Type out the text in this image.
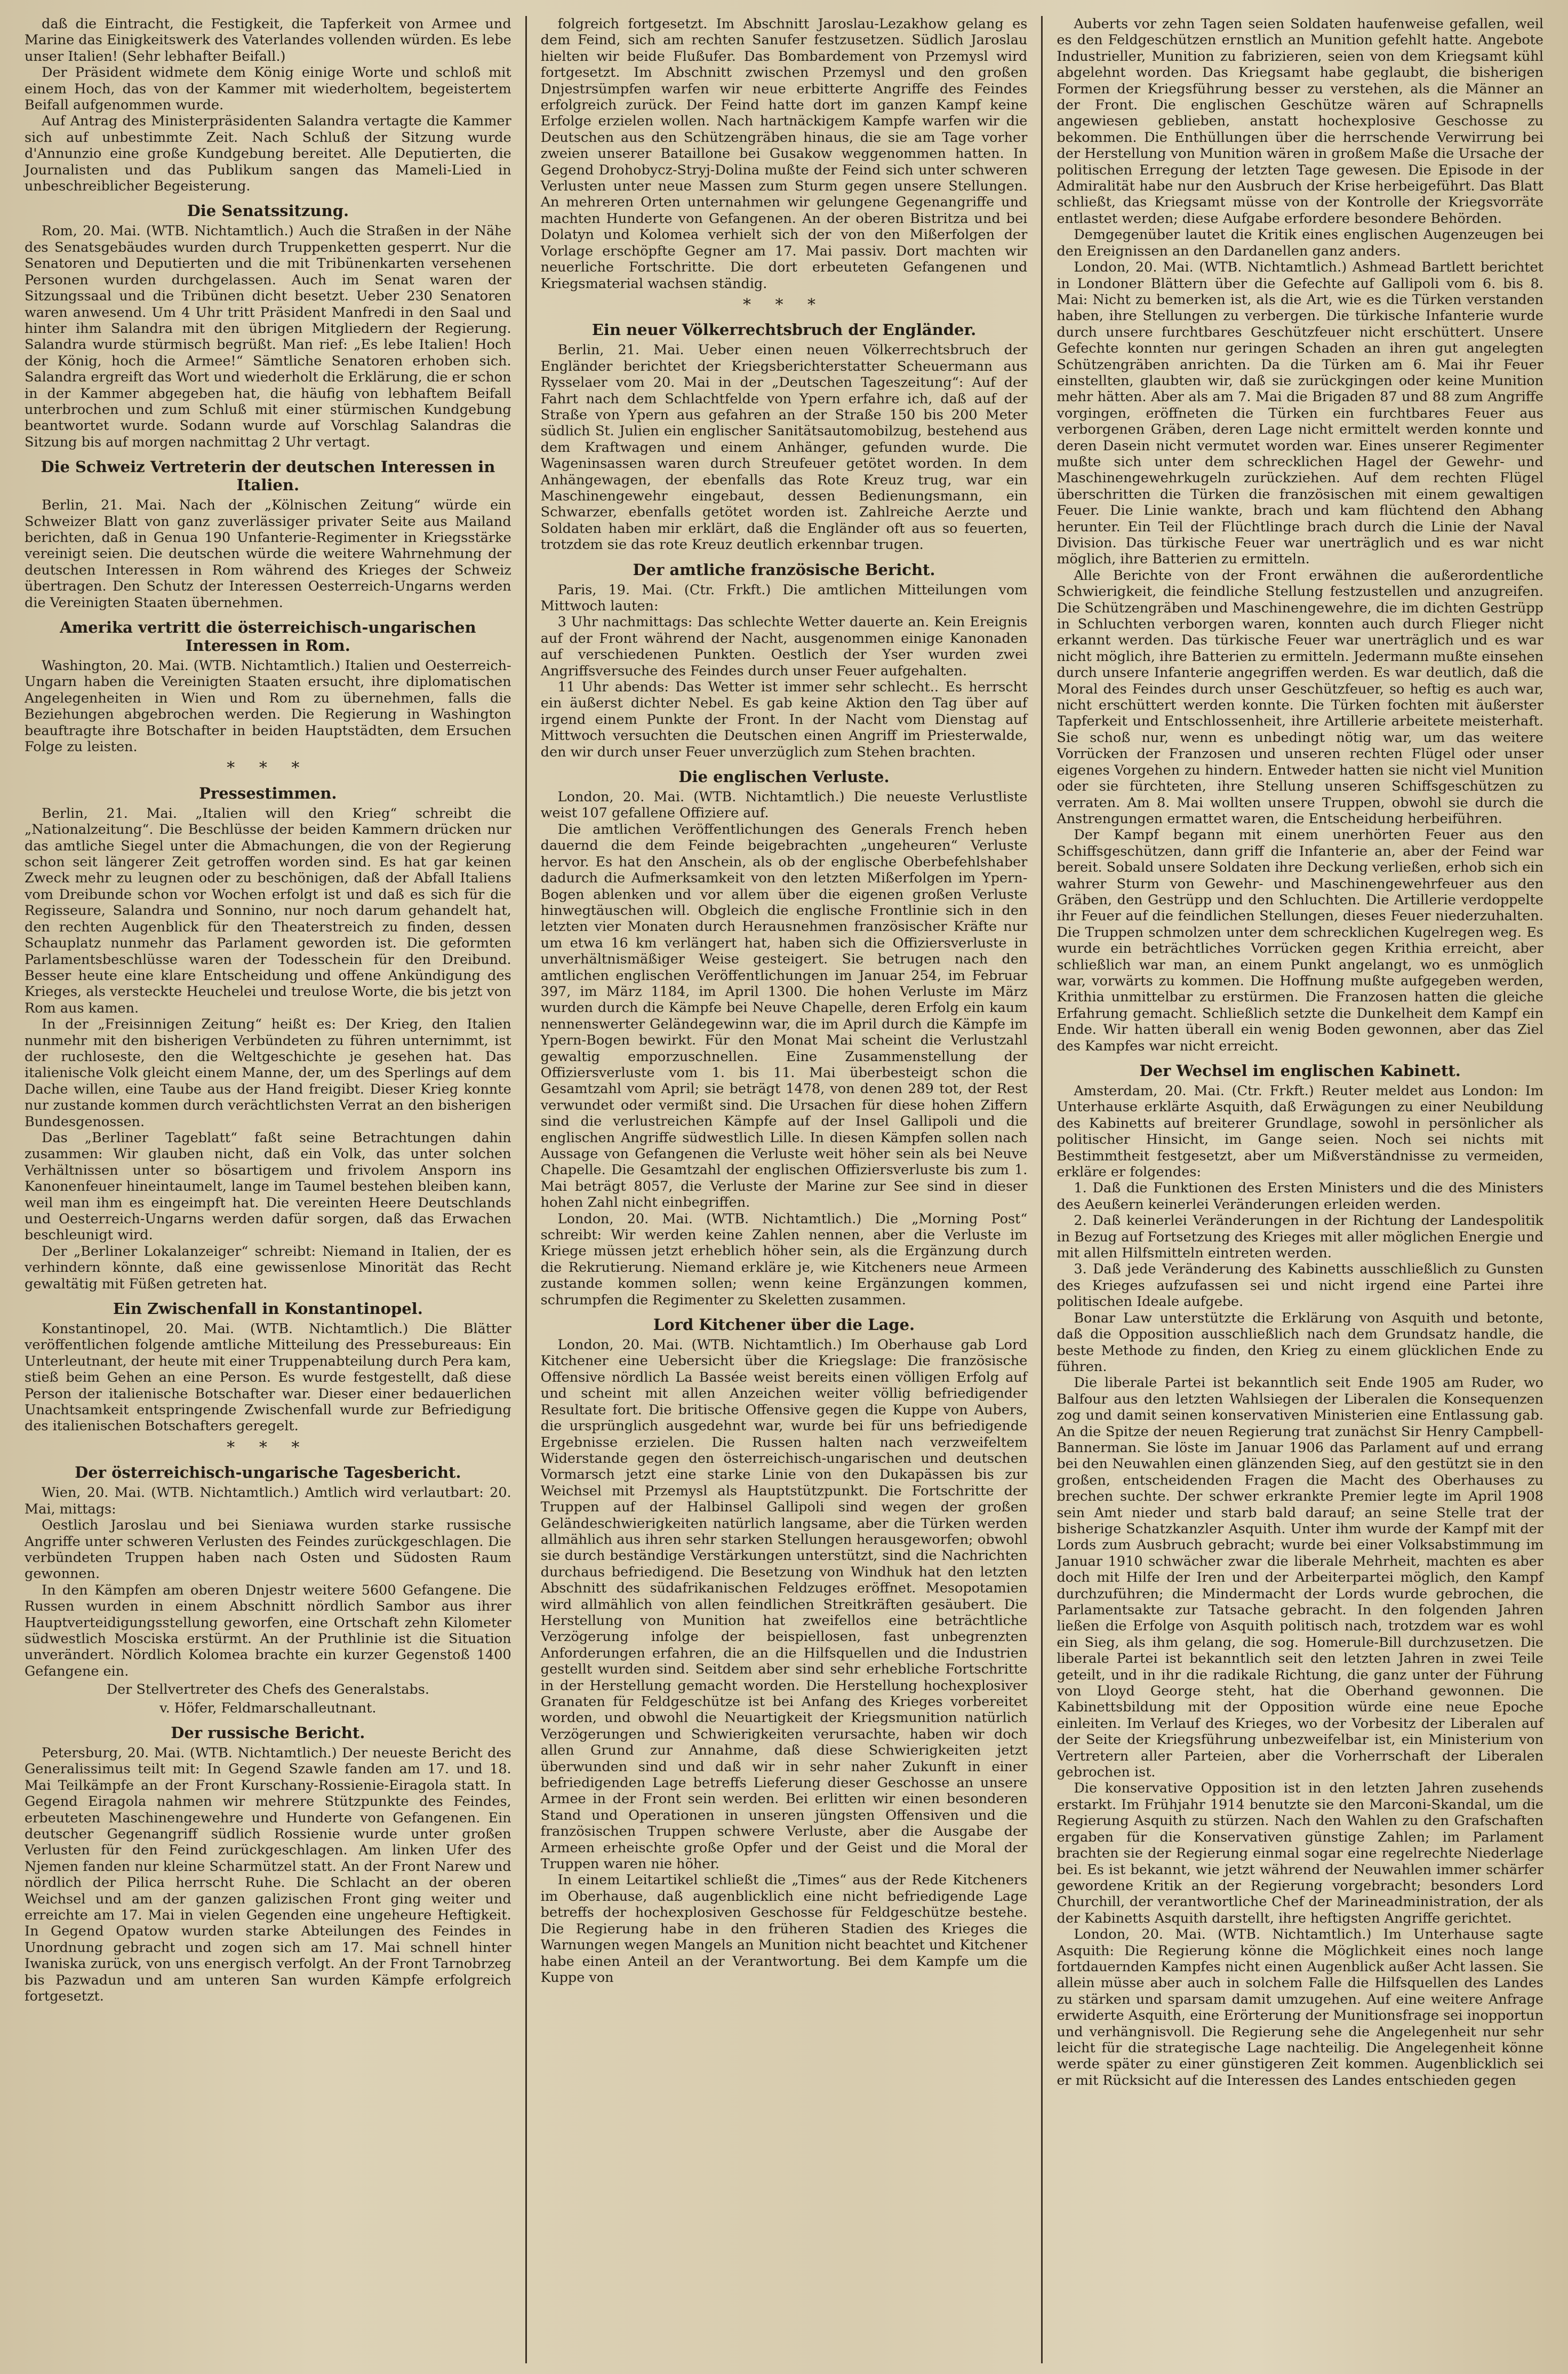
daß die Eintracht, die Festigkeit, die Tapferkeit von Armee und Marine das Einigkeitswerk des Vaterlandes vollenden würden. Es lebe unser Italien! (Sehr lebhafter Beifall.)

Der Präsident widmete dem König einige Worte und schloß mit einem Hoch, das von der Kammer mit wiederholtem, begeistertem Beifall aufgenommen wurde.

Auf Antrag des Ministerpräsidenten Salandra vertagte die Kammer sich auf unbestimmte Zeit. Nach Schluß der Sitzung wurde d'Annunzio eine große Kundgebung bereitet. Alle Deputierten, die Journalisten und das Publikum sangen das Mameli-Lied in unbeschreiblicher Begeisterung.

Die Senatssitzung.

Rom, 20. Mai. (WTB. Nichtamtlich.) Auch die Straßen in der Nähe des Senatsgebäudes wurden durch Truppenketten gesperrt. Nur die Senatoren und Deputierten und die mit Tribünenkarten versehenen Personen wurden durchgelassen. Auch im Senat waren der Sitzungssaal und die Tribünen dicht besetzt. Ueber 230 Senatoren waren anwesend. Um 4 Uhr tritt Präsident Manfredi in den Saal und hinter ihm Salandra mit den übrigen Mitgliedern der Regierung. Salandra wurde stürmisch begrüßt. Man rief: „Es lebe Italien! Hoch der König, hoch die Armee!“ Sämtliche Senatoren erhoben sich. Salandra ergreift das Wort und wiederholt die Erklärung, die er schon in der Kammer abgegeben hat, die häufig von lebhaftem Beifall unterbrochen und zum Schluß mit einer stürmischen Kundgebung beantwortet wurde. Sodann wurde auf Vorschlag Salandras die Sitzung bis auf morgen nachmittag 2 Uhr vertagt.

Die Schweiz Vertreterin der deutschen Interessen in Italien.

Berlin, 21. Mai. Nach der „Kölnischen Zeitung“ würde ein Schweizer Blatt von ganz zuverlässiger privater Seite aus Mailand berichten, daß in Genua 190 Unfanterie-Regimenter in Kriegsstärke vereinigt seien. Die deutschen würde die weitere Wahrnehmung der deutschen Interessen in Rom während des Krieges der Schweiz übertragen. Den Schutz der Interessen Oesterreich-Ungarns werden die Vereinigten Staaten übernehmen.

Amerika vertritt die österreichisch-ungarischen Interessen in Rom.

Washington, 20. Mai. (WTB. Nichtamtlich.) Italien und Oesterreich-Ungarn haben die Vereinigten Staaten ersucht, ihre diplomatischen Angelegenheiten in Wien und Rom zu übernehmen, falls die Beziehungen abgebrochen werden. Die Regierung in Washington beauftragte ihre Botschafter in beiden Hauptstädten, dem Ersuchen Folge zu leisten.

* * *
Pressestimmen.

Berlin, 21. Mai. „Italien will den Krieg“ schreibt die „Nationalzeitung“. Die Beschlüsse der beiden Kammern drücken nur das amtliche Siegel unter die Abmachungen, die von der Regierung schon seit längerer Zeit getroffen worden sind. Es hat gar keinen Zweck mehr zu leugnen oder zu beschönigen, daß der Abfall Italiens vom Dreibunde schon vor Wochen erfolgt ist und daß es sich für die Regisseure, Salandra und Sonnino, nur noch darum gehandelt hat, den rechten Augenblick für den Theaterstreich zu finden, dessen Schauplatz nunmehr das Parlament geworden ist. Die geformten Parlamentsbeschlüsse waren der Todesschein für den Dreibund. Besser heute eine klare Entscheidung und offene Ankündigung des Krieges, als versteckte Heuchelei und treulose Worte, die bis jetzt von Rom aus kamen.

In der „Freisinnigen Zeitung“ heißt es: Der Krieg, den Italien nunmehr mit den bisherigen Verbündeten zu führen unternimmt, ist der ruchloseste, den die Weltgeschichte je gesehen hat. Das italienische Volk gleicht einem Manne, der, um des Sperlings auf dem Dache willen, eine Taube aus der Hand freigibt. Dieser Krieg konnte nur zustande kommen durch verächtlichsten Verrat an den bisherigen Bundesgenossen.

Das „Berliner Tageblatt“ faßt seine Betrachtungen dahin zusammen: Wir glauben nicht, daß ein Volk, das unter solchen Verhältnissen unter so bösartigem und frivolem Ansporn ins Kanonenfeuer hineintaumelt, lange im Taumel bestehen bleiben kann, weil man ihm es eingeimpft hat. Die vereinten Heere Deutschlands und Oesterreich-Ungarns werden dafür sorgen, daß das Erwachen beschleunigt wird.

Der „Berliner Lokalanzeiger“ schreibt: Niemand in Italien, der es verhindern könnte, daß eine gewissenlose Minorität das Recht gewaltätig mit Füßen getreten hat.

Ein Zwischenfall in Konstantinopel.

Konstantinopel, 20. Mai. (WTB. Nichtamtlich.) Die Blätter veröffentlichen folgende amtliche Mitteilung des Pressebureaus: Ein Unterleutnant, der heute mit einer Truppenabteilung durch Pera kam, stieß beim Gehen an eine Person. Es wurde festgestellt, daß diese Person der italienische Botschafter war. Dieser einer bedauerlichen Unachtsamkeit entspringende Zwischenfall wurde zur Befriedigung des italienischen Botschafters geregelt.

* * *
Der österreichisch-ungarische Tagesbericht.

Wien, 20. Mai. (WTB. Nichtamtlich.) Amtlich wird verlautbart: 20. Mai, mittags:

Oestlich Jaroslau und bei Sieniawa wurden starke russische Angriffe unter schweren Verlusten des Feindes zurückgeschlagen. Die verbündeten Truppen haben nach Osten und Südosten Raum gewonnen.

In den Kämpfen am oberen Dnjestr weitere 5600 Gefangene. Die Russen wurden in einem Abschnitt nördlich Sambor aus ihrer Hauptverteidigungsstellung geworfen, eine Ortschaft zehn Kilometer südwestlich Mosciska erstürmt. An der Pruthlinie ist die Situation unverändert. Nördlich Kolomea brachte ein kurzer Gegenstoß 1400 Gefangene ein.

Der Stellvertreter des Chefs des Generalstabs.
v. Höfer, Feldmarschalleutnant.
Der russische Bericht.

Petersburg, 20. Mai. (WTB. Nichtamtlich.) Der neueste Bericht des Generalissimus teilt mit: In Gegend Szawle fanden am 17. und 18. Mai Teilkämpfe an der Front Kurschany-Rossienie-Eiragola statt. In Gegend Eiragola nahmen wir mehrere Stützpunkte des Feindes, erbeuteten Maschinengewehre und Hunderte von Gefangenen. Ein deutscher Gegenangriff südlich Rossienie wurde unter großen Verlusten für den Feind zurückgeschlagen. Am linken Ufer des Njemen fanden nur kleine Scharmützel statt. An der Front Narew und nördlich der Pilica herrscht Ruhe. Die Schlacht an der oberen Weichsel und am der ganzen galizischen Front ging weiter und erreichte am 17. Mai in vielen Gegenden eine ungeheure Heftigkeit. In Gegend Opatow wurden starke Abteilungen des Feindes in Unordnung gebracht und zogen sich am 17. Mai schnell hinter Iwaniska zurück, von uns energisch verfolgt. An der Front Tarnobrzeg bis Pazwadun und am unteren San wurden Kämpfe erfolgreich fortgesetzt.

folgreich fortgesetzt. Im Abschnitt Jaroslau-Lezakhow gelang es dem Feind, sich am rechten Sanufer festzusetzen. Südlich Jaroslau hielten wir beide Flußufer. Das Bombardement von Przemysl wird fortgesetzt. Im Abschnitt zwischen Przemysl und den großen Dnjestrsümpfen warfen wir neue erbitterte Angriffe des Feindes erfolgreich zurück. Der Feind hatte dort im ganzen Kampf keine Erfolge erzielen wollen. Nach hartnäckigem Kampfe warfen wir die Deutschen aus den Schützengräben hinaus, die sie am Tage vorher zweien unserer Bataillone bei Gusakow weggenommen hatten. In Gegend Drohobycz-Stryj-Dolina mußte der Feind sich unter schweren Verlusten unter neue Massen zum Sturm gegen unsere Stellungen. An mehreren Orten unternahmen wir gelungene Gegenangriffe und machten Hunderte von Gefangenen. An der oberen Bistritza und bei Dolatyn und Kolomea verhielt sich der von den Mißerfolgen der Vorlage erschöpfte Gegner am 17. Mai passiv. Dort machten wir neuerliche Fortschritte. Die dort erbeuteten Gefangenen und Kriegsmaterial wachsen ständig.

* * *
Ein neuer Völkerrechtsbruch der Engländer.

Berlin, 21. Mai. Ueber einen neuen Völkerrechtsbruch der Engländer berichtet der Kriegsberichterstatter Scheuermann aus Rysselaer vom 20. Mai in der „Deutschen Tageszeitung“: Auf der Fahrt nach dem Schlachtfelde von Ypern erfahre ich, daß auf der Straße von Ypern aus gefahren an der Straße 150 bis 200 Meter südlich St. Julien ein englischer Sanitätsautomobilzug, bestehend aus dem Kraftwagen und einem Anhänger, gefunden wurde. Die Wageninsassen waren durch Streufeuer getötet worden. In dem Anhängewagen, der ebenfalls das Rote Kreuz trug, war ein Maschinengewehr eingebaut, dessen Bedienungsmann, ein Schwarzer, ebenfalls getötet worden ist. Zahlreiche Aerzte und Soldaten haben mir erklärt, daß die Engländer oft aus so feuerten, trotzdem sie das rote Kreuz deutlich erkennbar trugen.

Der amtliche französische Bericht.

Paris, 19. Mai. (Ctr. Frkft.) Die amtlichen Mitteilungen vom Mittwoch lauten:

3 Uhr nachmittags: Das schlechte Wetter dauerte an. Kein Ereignis auf der Front während der Nacht, ausgenommen einige Kanonaden auf verschiedenen Punkten. Oestlich der Yser wurden zwei Angriffsversuche des Feindes durch unser Feuer aufgehalten.

11 Uhr abends: Das Wetter ist immer sehr schlecht.. Es herrscht ein äußerst dichter Nebel. Es gab keine Aktion den Tag über auf irgend einem Punkte der Front. In der Nacht vom Dienstag auf Mittwoch versuchten die Deutschen einen Angriff im Priesterwalde, den wir durch unser Feuer unverzüglich zum Stehen brachten.

Die englischen Verluste.

London, 20. Mai. (WTB. Nichtamtlich.) Die neueste Verlustliste weist 107 gefallene Offiziere auf.

Die amtlichen Veröffentlichungen des Generals French heben dauernd die dem Feinde beigebrachten „ungeheuren“ Verluste hervor. Es hat den Anschein, als ob der englische Oberbefehlshaber dadurch die Aufmerksamkeit von den letzten Mißerfolgen im Ypern-Bogen ablenken und vor allem über die eigenen großen Verluste hinwegtäuschen will. Obgleich die englische Frontlinie sich in den letzten vier Monaten durch Herausnehmen französischer Kräfte nur um etwa 16 km verlängert hat, haben sich die Offiziersverluste in unverhältnismäßiger Weise gesteigert. Sie betrugen nach den amtlichen englischen Veröffentlichungen im Januar 254, im Februar 397, im März 1184, im April 1300. Die hohen Verluste im März wurden durch die Kämpfe bei Neuve Chapelle, deren Erfolg ein kaum nennenswerter Geländegewinn war, die im April durch die Kämpfe im Ypern-Bogen bewirkt. Für den Monat Mai scheint die Verlustzahl gewaltig emporzuschnellen. Eine Zusammenstellung der Offiziersverluste vom 1. bis 11. Mai überbesteigt schon die Gesamtzahl vom April; sie beträgt 1478, von denen 289 tot, der Rest verwundet oder vermißt sind. Die Ursachen für diese hohen Ziffern sind die verlustreichen Kämpfe auf der Insel Gallipoli und die englischen Angriffe südwestlich Lille. In diesen Kämpfen sollen nach Aussage von Gefangenen die Verluste weit höher sein als bei Neuve Chapelle. Die Gesamtzahl der englischen Offiziersverluste bis zum 1. Mai beträgt 8057, die Verluste der Marine zur See sind in dieser hohen Zahl nicht einbegriffen.

London, 20. Mai. (WTB. Nichtamtlich.) Die „Morning Post“ schreibt: Wir werden keine Zahlen nennen, aber die Verluste im Kriege müssen jetzt erheblich höher sein, als die Ergänzung durch die Rekrutierung. Niemand erkläre je, wie Kitcheners neue Armeen zustande kommen sollen; wenn keine Ergänzungen kommen, schrumpfen die Regimenter zu Skeletten zusammen.

Lord Kitchener über die Lage.

London, 20. Mai. (WTB. Nichtamtlich.) Im Oberhause gab Lord Kitchener eine Uebersicht über die Kriegslage: Die französische Offensive nördlich La Bassée weist bereits einen völligen Erfolg auf und scheint mit allen Anzeichen weiter völlig befriedigender Resultate fort. Die britische Offensive gegen die Kuppe von Aubers, die ursprünglich ausgedehnt war, wurde bei für uns befriedigende Ergebnisse erzielen. Die Russen halten nach verzweifeltem Widerstande gegen den österreichisch-ungarischen und deutschen Vormarsch jetzt eine starke Linie von den Dukapässen bis zur Weichsel mit Przemysl als Hauptstützpunkt. Die Fortschritte der Truppen auf der Halbinsel Gallipoli sind wegen der großen Geländeschwierigkeiten natürlich langsame, aber die Türken werden allmählich aus ihren sehr starken Stellungen herausgeworfen; obwohl sie durch beständige Verstärkungen unterstützt, sind die Nachrichten durchaus befriedigend. Die Besetzung von Windhuk hat den letzten Abschnitt des südafrikanischen Feldzuges eröffnet. Mesopotamien wird allmählich von allen feindlichen Streitkräften gesäubert. Die Herstellung von Munition hat zweifellos eine beträchtliche Verzögerung infolge der beispiellosen, fast unbegrenzten Anforderungen erfahren, die an die Hilfsquellen und die Industrien gestellt wurden sind. Seitdem aber sind sehr erhebliche Fortschritte in der Herstellung gemacht worden. Die Herstellung hochexplosiver Granaten für Feldgeschütze ist bei Anfang des Krieges vorbereitet worden, und obwohl die Neuartigkeit der Kriegsmunition natürlich Verzögerungen und Schwierigkeiten verursachte, haben wir doch allen Grund zur Annahme, daß diese Schwierigkeiten jetzt überwunden sind und daß wir in sehr naher Zukunft in einer befriedigenden Lage betreffs Lieferung dieser Geschosse an unsere Armee in der Front sein werden. Bei erlitten wir einen besonderen Stand und Operationen in unseren jüngsten Offensiven und die französischen Truppen schwere Verluste, aber die Ausgabe der Armeen erheischte große Opfer und der Geist und die Moral der Truppen waren nie höher.

In einem Leitartikel schließt die „Times“ aus der Rede Kitcheners im Oberhause, daß augenblicklich eine nicht befriedigende Lage betreffs der hochexplosiven Geschosse für Feldgeschütze bestehe. Die Regierung habe in den früheren Stadien des Krieges die Warnungen wegen Mangels an Munition nicht beachtet und Kitchener habe einen Anteil an der Verantwortung. Bei dem Kampfe um die Kuppe von

Auberts vor zehn Tagen seien Soldaten haufenweise gefallen, weil es den Feldgeschützen ernstlich an Munition gefehlt hatte. Angebote Industrieller, Munition zu fabrizieren, seien von dem Kriegsamt kühl abgelehnt worden. Das Kriegsamt habe geglaubt, die bisherigen Formen der Kriegsführung besser zu verstehen, als die Männer an der Front. Die englischen Geschütze wären auf Schrapnells angewiesen geblieben, anstatt hochexplosive Geschosse zu bekommen. Die Enthüllungen über die herrschende Verwirrung bei der Herstellung von Munition wären in großem Maße die Ursache der politischen Erregung der letzten Tage gewesen. Die Episode in der Admiralität habe nur den Ausbruch der Krise herbeigeführt. Das Blatt schließt, das Kriegsamt müsse von der Kontrolle der Kriegsvorräte entlastet werden; diese Aufgabe erfordere besondere Behörden.

Demgegenüber lautet die Kritik eines englischen Augenzeugen bei den Ereignissen an den Dardanellen ganz anders.

London, 20. Mai. (WTB. Nichtamtlich.) Ashmead Bartlett berichtet in Londoner Blättern über die Gefechte auf Gallipoli vom 6. bis 8. Mai: Nicht zu bemerken ist, als die Art, wie es die Türken verstanden haben, ihre Stellungen zu verbergen. Die türkische Infanterie wurde durch unsere furchtbares Geschützfeuer nicht erschüttert. Unsere Gefechte konnten nur geringen Schaden an ihren gut angelegten Schützengräben anrichten. Da die Türken am 6. Mai ihr Feuer einstellten, glaubten wir, daß sie zurückgingen oder keine Munition mehr hätten. Aber als am 7. Mai die Brigaden 87 und 88 zum Angriffe vorgingen, eröffneten die Türken ein furchtbares Feuer aus verborgenen Gräben, deren Lage nicht ermittelt werden konnte und deren Dasein nicht vermutet worden war. Eines unserer Regimenter mußte sich unter dem schrecklichen Hagel der Gewehr- und Maschinengewehrkugeln zurückziehen. Auf dem rechten Flügel überschritten die Türken die französischen mit einem gewaltigen Feuer. Die Linie wankte, brach und kam flüchtend den Abhang herunter. Ein Teil der Flüchtlinge brach durch die Linie der Naval Division. Das türkische Feuer war unerträglich und es war nicht möglich, ihre Batterien zu ermitteln.

Alle Berichte von der Front erwähnen die außerordentliche Schwierigkeit, die feindliche Stellung festzustellen und anzugreifen. Die Schützengräben und Maschinengewehre, die im dichten Gestrüpp in Schluchten verborgen waren, konnten auch durch Flieger nicht erkannt werden. Das türkische Feuer war unerträglich und es war nicht möglich, ihre Batterien zu ermitteln. Jedermann mußte einsehen durch unsere Infanterie angegriffen werden. Es war deutlich, daß die Moral des Feindes durch unser Geschützfeuer, so heftig es auch war, nicht erschüttert werden konnte. Die Türken fochten mit äußerster Tapferkeit und Entschlossenheit, ihre Artillerie arbeitete meisterhaft. Sie schoß nur, wenn es unbedingt nötig war, um das weitere Vorrücken der Franzosen und unseren rechten Flügel oder unser eigenes Vorgehen zu hindern. Entweder hatten sie nicht viel Munition oder sie fürchteten, ihre Stellung unseren Schiffsgeschützen zu verraten. Am 8. Mai wollten unsere Truppen, obwohl sie durch die Anstrengungen ermattet waren, die Entscheidung herbeiführen.

Der Kampf begann mit einem unerhörten Feuer aus den Schiffsgeschützen, dann griff die Infanterie an, aber der Feind war bereit. Sobald unsere Soldaten ihre Deckung verließen, erhob sich ein wahrer Sturm von Gewehr- und Maschinengewehrfeuer aus den Gräben, den Gestrüpp und den Schluchten. Die Artillerie verdoppelte ihr Feuer auf die feindlichen Stellungen, dieses Feuer niederzuhalten. Die Truppen schmolzen unter dem schrecklichen Kugelregen weg. Es wurde ein beträchtliches Vorrücken gegen Krithia erreicht, aber schließlich war man, an einem Punkt angelangt, wo es unmöglich war, vorwärts zu kommen. Die Hoffnung mußte aufgegeben werden, Krithia unmittelbar zu erstürmen. Die Franzosen hatten die gleiche Erfahrung gemacht. Schließlich setzte die Dunkelheit dem Kampf ein Ende. Wir hatten überall ein wenig Boden gewonnen, aber das Ziel des Kampfes war nicht erreicht.

Der Wechsel im englischen Kabinett.

Amsterdam, 20. Mai. (Ctr. Frkft.) Reuter meldet aus London: Im Unterhause erklärte Asquith, daß Erwägungen zu einer Neubildung des Kabinetts auf breiterer Grundlage, sowohl in persönlicher als politischer Hinsicht, im Gange seien. Noch sei nichts mit Bestimmtheit festgesetzt, aber um Mißverständnisse zu vermeiden, erkläre er folgendes:

1. Daß die Funktionen des Ersten Ministers und die des Ministers des Aeußern keinerlei Veränderungen erleiden werden.

2. Daß keinerlei Veränderungen in der Richtung der Landespolitik in Bezug auf Fortsetzung des Krieges mit aller möglichen Energie und mit allen Hilfsmitteln eintreten werden.

3. Daß jede Veränderung des Kabinetts ausschließlich zu Gunsten des Krieges aufzufassen sei und nicht irgend eine Partei ihre politischen Ideale aufgebe.

Bonar Law unterstützte die Erklärung von Asquith und betonte, daß die Opposition ausschließlich nach dem Grundsatz handle, die beste Methode zu finden, den Krieg zu einem glücklichen Ende zu führen.

Die liberale Partei ist bekanntlich seit Ende 1905 am Ruder, wo Balfour aus den letzten Wahlsiegen der Liberalen die Konsequenzen zog und damit seinen konservativen Ministerien eine Entlassung gab. An die Spitze der neuen Regierung trat zunächst Sir Henry Campbell-Bannerman. Sie löste im Januar 1906 das Parlament auf und errang bei den Neuwahlen einen glänzenden Sieg, auf den gestützt sie in den großen, entscheidenden Fragen die Macht des Oberhauses zu brechen suchte. Der schwer erkrankte Premier legte im April 1908 sein Amt nieder und starb bald darauf; an seine Stelle trat der bisherige Schatzkanzler Asquith. Unter ihm wurde der Kampf mit der Lords zum Ausbruch gebracht; wurde bei einer Volksabstimmung im Januar 1910 schwächer zwar die liberale Mehrheit, machten es aber doch mit Hilfe der Iren und der Arbeiterpartei möglich, den Kampf durchzuführen; die Mindermacht der Lords wurde gebrochen, die Parlamentsakte zur Tatsache gebracht. In den folgenden Jahren ließen die Erfolge von Asquith politisch nach, trotzdem war es wohl ein Sieg, als ihm gelang, die sog. Homerule-Bill durchzusetzen. Die liberale Partei ist bekanntlich seit den letzten Jahren in zwei Teile geteilt, und in ihr die radikale Richtung, die ganz unter der Führung von Lloyd George steht, hat die Oberhand gewonnen. Die Kabinettsbildung mit der Opposition würde eine neue Epoche einleiten. Im Verlauf des Krieges, wo der Vorbesitz der Liberalen auf der Seite der Kriegsführung unbezweifelbar ist, ein Ministerium von Vertretern aller Parteien, aber die Vorherrschaft der Liberalen gebrochen ist.

Die konservative Opposition ist in den letzten Jahren zusehends erstarkt. Im Frühjahr 1914 benutzte sie den Marconi-Skandal, um die Regierung Asquith zu stürzen. Nach den Wahlen zu den Grafschaften ergaben für die Konservativen günstige Zahlen; im Parlament brachten sie der Regierung einmal sogar eine regelrechte Niederlage bei. Es ist bekannt, wie jetzt während der Neuwahlen immer schärfer gewordene Kritik an der Regierung vorgebracht; besonders Lord Churchill, der verantwortliche Chef der Marineadministration, der als der Kabinetts Asquith darstellt, ihre heftigsten Angriffe gerichtet.

London, 20. Mai. (WTB. Nichtamtlich.) Im Unterhause sagte Asquith: Die Regierung könne die Möglichkeit eines noch lange fortdauernden Kampfes nicht einen Augenblick außer Acht lassen. Sie allein müsse aber auch in solchem Falle die Hilfsquellen des Landes zu stärken und sparsam damit umzugehen. Auf eine weitere Anfrage erwiderte Asquith, eine Erörterung der Munitionsfrage sei inopportun und verhängnisvoll. Die Regierung sehe die Angelegenheit nur sehr leicht für die strategische Lage nachteilig. Die Angelegenheit könne werde später zu einer günstigeren Zeit kommen. Augenblicklich sei er mit Rücksicht auf die Interessen des Landes entschieden gegen
